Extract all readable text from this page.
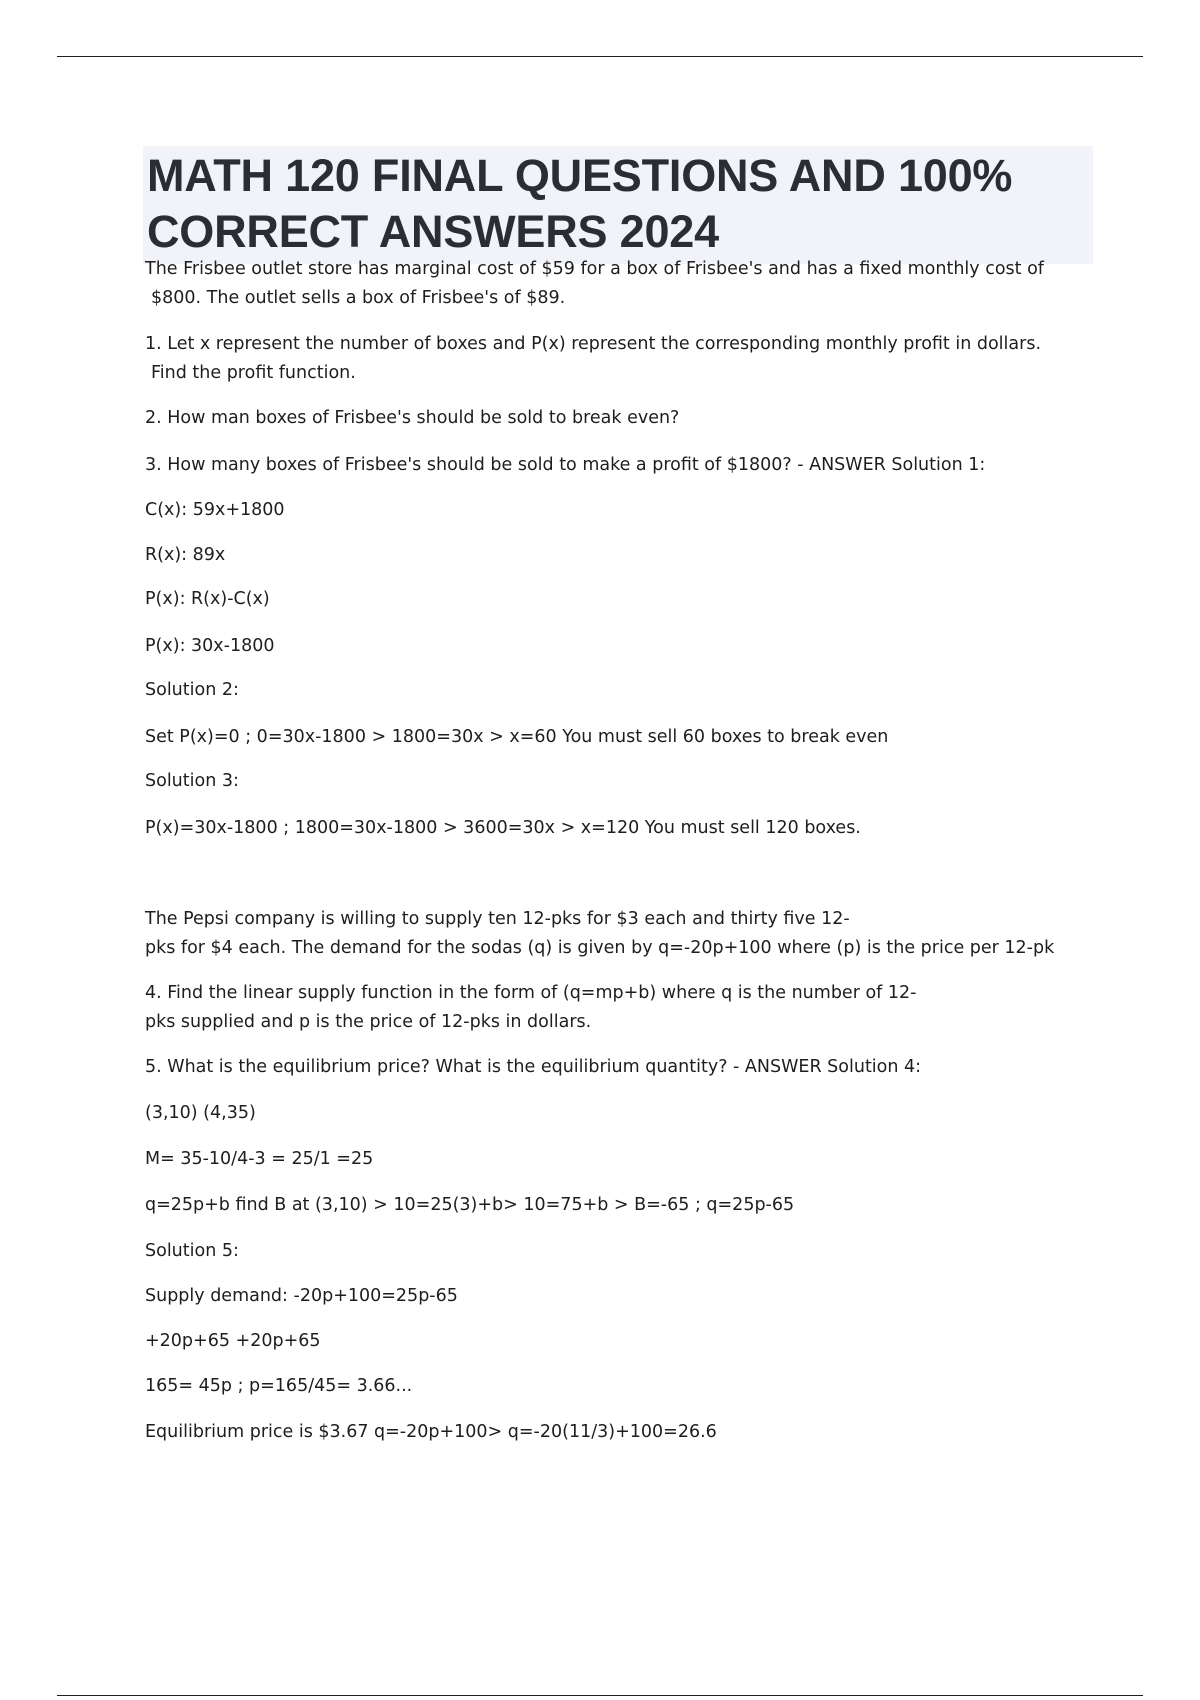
MATH 120 FINAL QUESTIONS AND 100%
CORRECT ANSWERS 2024
The Frisbee outlet store has marginal cost of $59 for a box of Frisbee's and has a fixed monthly cost of
$800. The outlet sells a box of Frisbee's of $89.
1. Let x represent the number of boxes and P(x) represent the corresponding monthly profit in dollars.
Find the profit function.
2. How man boxes of Frisbee's should be sold to break even?
3. How many boxes of Frisbee's should be sold to make a profit of $1800? - ANSWER Solution 1:
C(x): 59x+1800
R(x): 89x
P(x): R(x)-C(x)
P(x): 30x-1800
Solution 2:
Set P(x)=0 ; 0=30x-1800 > 1800=30x > x=60 You must sell 60 boxes to break even
Solution 3:
P(x)=30x-1800 ; 1800=30x-1800 > 3600=30x > x=120 You must sell 120 boxes.
The Pepsi company is willing to supply ten 12-pks for $3 each and thirty five 12-
pks for $4 each. The demand for the sodas (q) is given by q=-20p+100 where (p) is the price per 12-pk
4. Find the linear supply function in the form of (q=mp+b) where q is the number of 12-
pks supplied and p is the price of 12-pks in dollars.
5. What is the equilibrium price? What is the equilibrium quantity? - ANSWER Solution 4:
(3,10) (4,35)
M= 35-10/4-3 = 25/1 =25
q=25p+b find B at (3,10) > 10=25(3)+b> 10=75+b > B=-65 ; q=25p-65
Solution 5:
Supply demand: -20p+100=25p-65
+20p+65 +20p+65
165= 45p ; p=165/45= 3.66...
Equilibrium price is $3.67 q=-20p+100> q=-20(11/3)+100=26.6
